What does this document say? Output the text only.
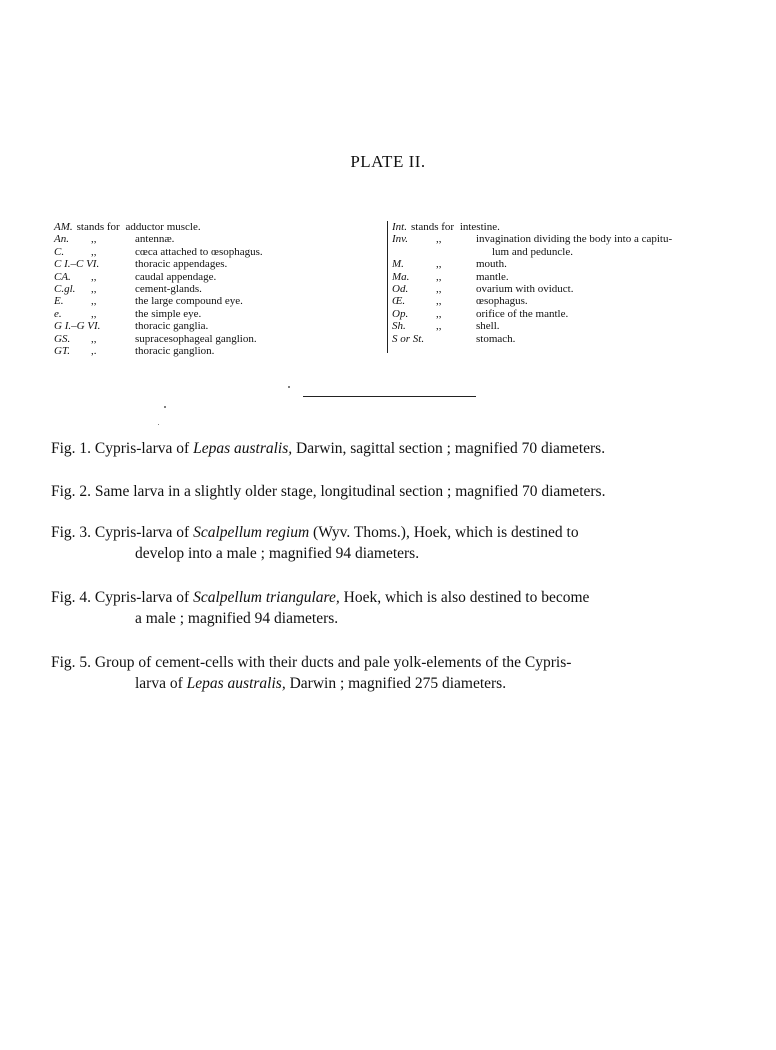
PLATE II.
AM. stands for adductor muscle.
An. ,,	antennæ.
C. ,,	cœca attached to œsophagus.
C I.–C VI.	thoracic appendages.
CA. ,,	caudal appendage.
C.gl. ,,	cement-glands.
E.	,,	the large compound eye.
e.	,,	the simple eye.
G I.–G VI.	thoracic ganglia.
GS. ,,	supracesophageal ganglion.
GT. ,.	thoracic ganglion.
Int. stands for intestine.
Inv.	,,	invagination dividing the body into a capitu-
lum and peduncle.
M.	,,	mouth.
Ma. ,,	mantle.
Od.	,,	ovarium with oviduct.
Œ.	,,	œsophagus.
Op.	,,	orifice of the mantle.
Sh.	,,	shell.
S or St.	stomach.
Fig. 1. Cypris-larva of Lepas australis, Darwin, sagittal section ; magnified 70 diameters.
Fig. 2. Same larva in a slightly older stage, longitudinal section ; magnified 70 diameters.
Fig. 3. Cypris-larva of Scalpellum regium (Wyv. Thoms.), Hoek, which is destined to
develop into a male ; magnified 94 diameters.
Fig. 4. Cypris-larva of Scalpellum triangulare, Hoek, which is also destined to become
a male ; magnified 94 diameters.
Fig. 5. Group of cement-cells with their ducts and pale yolk-elements of the Cypris-
larva of Lepas australis, Darwin ; magnified 275 diameters.
